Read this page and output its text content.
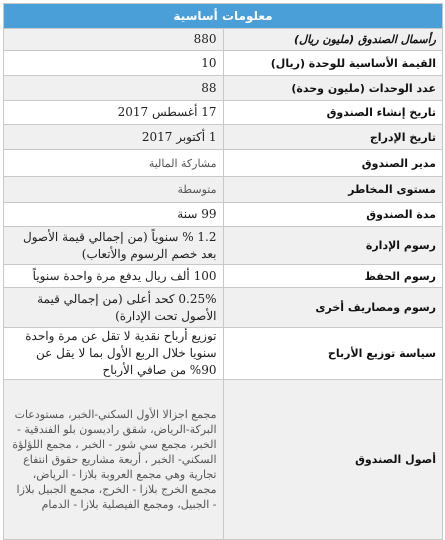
معلومات أساسية	
رأسمال الصندوق (مليون ريال)	880
القيمة الأساسية للوحدة (ريال)	10
عدد الوحدات (مليون وحدة)	88
تاريخ إنشاء الصندوق	17 أغسطس 2017
تاريخ الإدراج	1 أكتوبر 2017
مدير الصندوق	مشاركة المالية
مستوى المخاطر	متوسطة
مدة الصندوق	99 سنة
رسوم الإدارة	1.2 % سنوياً (من إجمالي قيمة الأصول بعد خصم الرسوم والأتعاب)
رسوم الحفظ	100 ألف ريال يدفع مرة واحدة سنوياً
رسوم ومصاريف أخرى	0.25% كحد أعلى (من إجمالي قيمة الأصول تحت الإدارة)
سياسة توزيع الأرباح	توزيع أرباح نقدية لا تقل عن مرة واحدة سنويا خلال الربع الأول بما لا يقل عن 90% من صافي الأرباح
أصول الصندوق	مجمع اجزالا الأول السكني-الخبر، مستودعات البركة-الرياض، شقق راديسون بلو الفندقية - الخبر، مجمع سي شور - الخبر ، مجمع اللؤلؤة السكني- الخبر ، أربعة مشاريع حقوق انتفاع تجارية وهي مجمع العروبة بلازا - الرياض، مجمع الخرج بلازا - الخرج، مجمع الجبيل بلازا - الجبيل، ومجمع الفيصلية بلازا - الدمام
